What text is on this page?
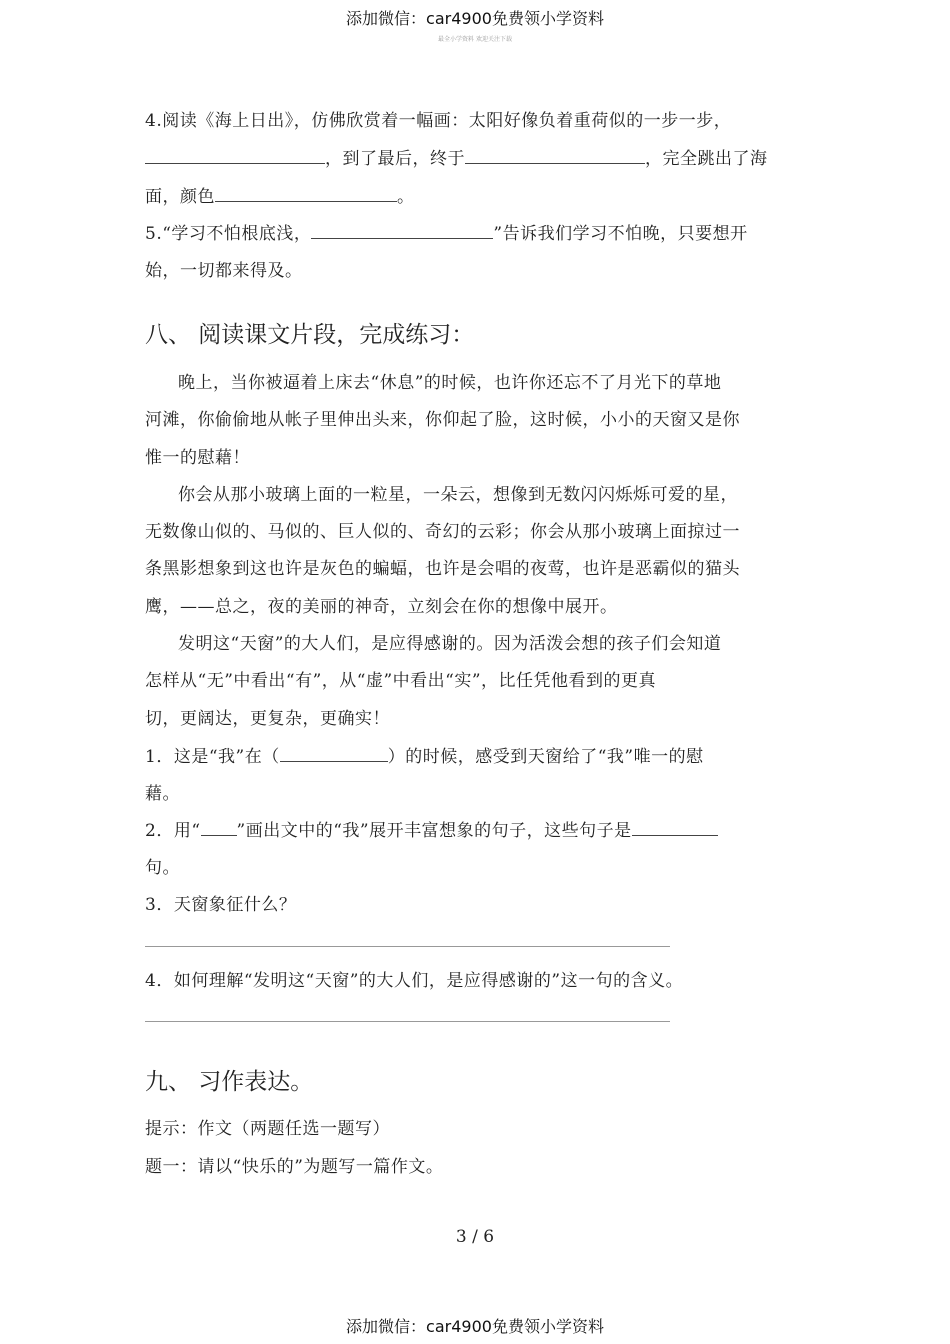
添加微信：car4900免费领小学资料
最全小学资料 欢迎关注下载
4.阅读《海上日出》，仿佛欣赏着一幅画：太阳好像负着重荷似的一步一步，
，到了最后，终于	，完全跳出了海
面，颜色	。
5.“学习不怕根底浅，	”告诉我们学习不怕晚，只要想开
始，一切都来得及。
八、 阅读课文片段，完成练习：
晚上，当你被逼着上床去“休息”的时候，也许你还忘不了月光下的草地
河滩，你偷偷地从帐子里伸出头来，你仰起了脸，这时候，小小的天窗又是你
惟一的慰藉！
你会从那小玻璃上面的一粒星，一朵云，想像到无数闪闪烁烁可爱的星，
无数像山似的、马似的、巨人似的、奇幻的云彩；你会从那小玻璃上面掠过一
条黑影想象到这也许是灰色的蝙蝠，也许是会唱的夜莺，也许是恶霸似的猫头
鹰，——总之，夜的美丽的神奇，立刻会在你的想像中展开。
发明这“天窗”的大人们，是应得感谢的。因为活泼会想的孩子们会知道
怎样从“无”中看出“有”，从“虚”中看出“实”，比任凭他看到的更真
切，更阔达，更复杂，更确实！
1．这是“我”在（	）的时候，感受到天窗给了“我”唯一的慰
藉。
2．用“ ”画出文中的“我”展开丰富想象的句子，这些句子是
句。
3．天窗象征什么？
4．如何理解“发明这“天窗”的大人们，是应得感谢的”这一句的含义。
九、 习作表达。
提示：作文（两题任选一题写）
题一：请以“快乐的”为题写一篇作文。
3 / 6
添加微信：car4900免费领小学资料
